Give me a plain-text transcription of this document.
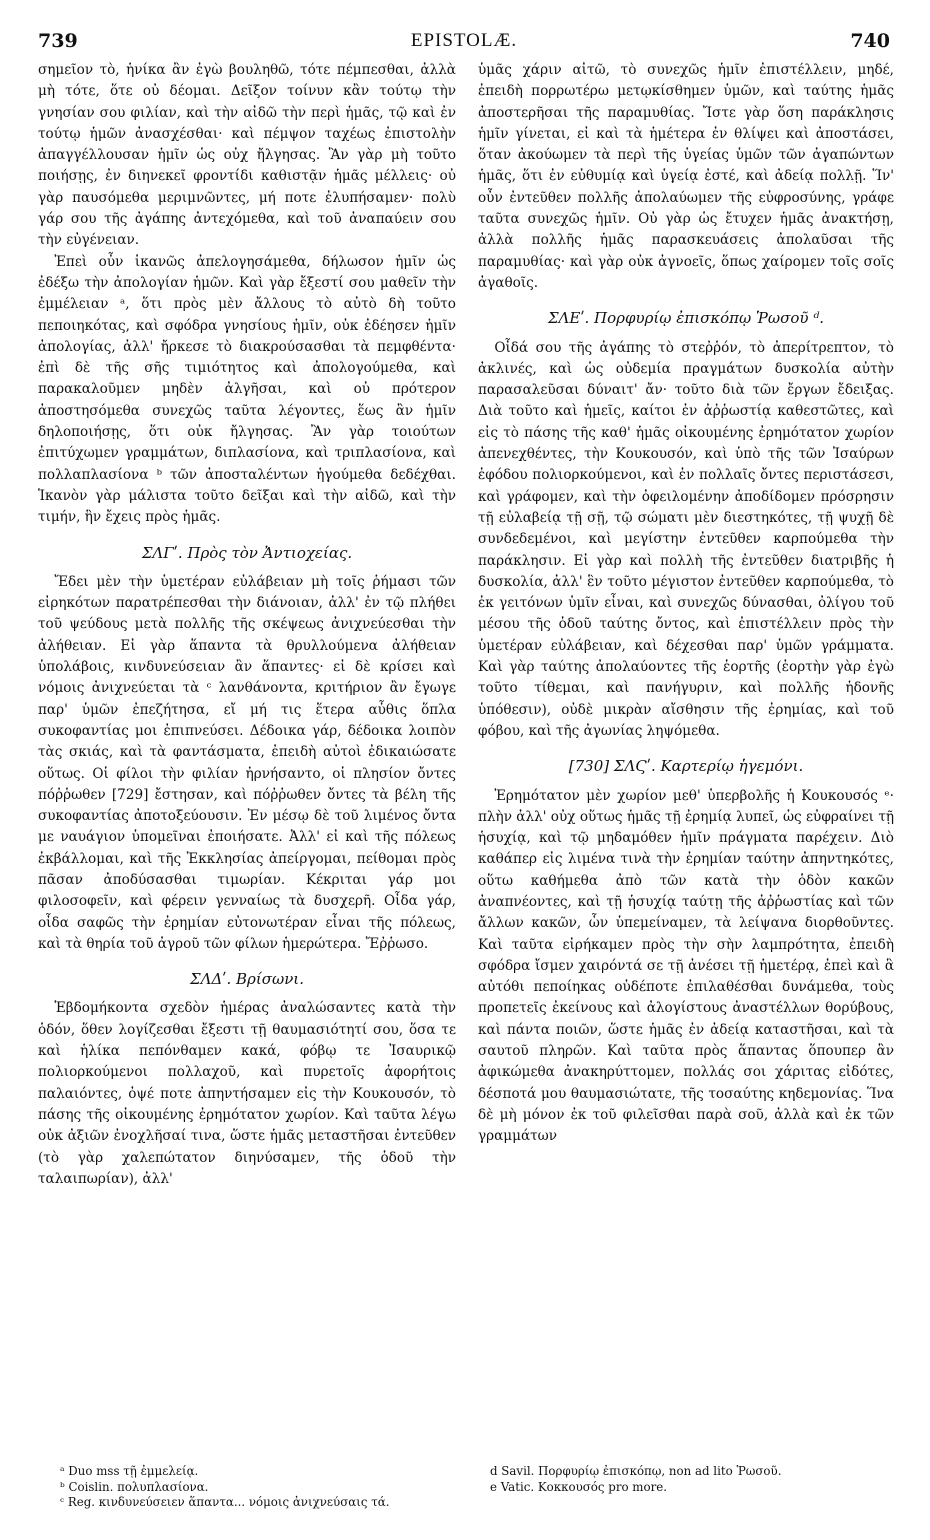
739	EPISTOLÆ.	740

σημεῖον τὸ, ἡνίκα ἂν ἐγὼ βουληθῶ, τότε πέμπεσθαι, ἀλλὰ μὴ τότε, ὅτε οὐ δέομαι. Δεῖξον τοίνυν κἂν τούτῳ τὴν γνησίαν σου φιλίαν, καὶ τὴν αἰδῶ τὴν περὶ ἡμᾶς, τῷ καὶ ἐν τούτῳ ἡμῶν ἀνασχέσθαι· καὶ πέμψον ταχέως ἐπιστολὴν ἀπαγγέλλουσαν ἡμῖν ὡς οὐχ ἤλγησας. Ἂν γὰρ μὴ τοῦτο ποιήσῃς, ἐν διηνεκεῖ φροντίδι καθιστᾷν ἡμᾶς μέλλεις· οὐ γὰρ παυσόμεθα μεριμνῶντες, μή ποτε ἐλυπήσαμεν· πολὺ γάρ σου τῆς ἀγάπης ἀντεχόμεθα, καὶ τοῦ ἀναπαύειν σου τὴν εὐγένειαν.

Ἐπεὶ οὖν ἱκανῶς ἀπελογησάμεθα, δήλωσον ἡμῖν ὡς ἐδέξω τὴν ἀπολογίαν ἡμῶν. Καὶ γὰρ ἔξεστί σου μαθεῖν τὴν ἐμμέλειαν ᵃ, ὅτι πρὸς μὲν ἄλλους τὸ αὐτὸ δὴ τοῦτο πεποιηκότας, καὶ σφόδρα γνησίους ἡμῖν, οὐκ ἐδέησεν ἡμῖν ἀπολογίας, ἀλλ' ἤρκεσε τὸ διακρούσασθαι τὰ πεμφθέντα· ἐπὶ δὲ τῆς σῆς τιμιότητος καὶ ἀπολογούμεθα, καὶ παρακαλοῦμεν μηδὲν ἀλγῆσαι, καὶ οὐ πρότερον ἀποστησόμεθα συνεχῶς ταῦτα λέγοντες, ἕως ἂν ἡμῖν δηλοποιήσῃς, ὅτι οὐκ ἤλγησας. Ἂν γὰρ τοιούτων ἐπιτύχωμεν γραμμάτων, διπλασίονα, καὶ τριπλασίονα, καὶ πολλαπλασίονα ᵇ τῶν ἀποσταλέντων ἡγούμεθα δεδέχθαι. Ἱκανὸν γὰρ μάλιστα τοῦτο δεῖξαι καὶ τὴν αἰδῶ, καὶ τὴν τιμήν, ἣν ἔχεις πρὸς ἡμᾶς.

ΣΛΓʹ. Πρὸς τὸν Ἀντιοχείας.

Ἔδει μὲν τὴν ὑμετέραν εὐλάβειαν μὴ τοῖς ῥήμασι τῶν εἰρηκότων παρατρέπεσθαι τὴν διάνοιαν, ἀλλ' ἐν τῷ πλήθει τοῦ ψεύδους μετὰ πολλῆς τῆς σκέψεως ἀνιχνεύεσθαι τὴν ἀλήθειαν. Εἰ γὰρ ἅπαντα τὰ θρυλλούμενα ἀλήθειαν ὑπολάβοις, κινδυνεύσειαν ἂν ἅπαντες· εἰ δὲ κρίσει καὶ νόμοις ἀνιχνεύεται τὰ ᶜ λανθάνοντα, κριτήριον ἂν ἔγωγε παρ' ὑμῶν ἐπεζήτησα, εἴ μή τις ἕτερα αὖθις ὅπλα συκοφαντίας μοι ἐπιπνεύσει. Δέδοικα γάρ, δέδοικα λοιπὸν τὰς σκιάς, καὶ τὰ φαντάσματα, ἐπειδὴ αὐτοὶ ἐδικαιώσατε οὕτως. Οἱ φίλοι τὴν φιλίαν ἠρνήσαντο, οἱ πλησίον ὄντες πόῤῥωθεν [729] ἔστησαν, καὶ πόῤῥωθεν ὄντες τὰ βέλη τῆς συκοφαντίας ἀποτοξεύουσιν. Ἐν μέσῳ δὲ τοῦ λιμένος ὄντα με ναυάγιον ὑπομεῖναι ἐποιήσατε. Ἀλλ' εἰ καὶ τῆς πόλεως ἐκβάλλομαι, καὶ τῆς Ἐκκλησίας ἀπείργομαι, πείθομαι πρὸς πᾶσαν ἀποδύσασθαι τιμωρίαν. Κέκριται γάρ μοι φιλοσοφεῖν, καὶ φέρειν γενναίως τὰ δυσχερῆ. Οἶδα γάρ, οἶδα σαφῶς τὴν ἐρημίαν εὐτονωτέραν εἶναι τῆς πόλεως, καὶ τὰ θηρία τοῦ ἀγροῦ τῶν φίλων ἡμερώτερα. Ἔῤῥωσο.

ΣΛΔʹ. Βρίσωνι.

Ἑβδομήκοντα σχεδὸν ἡμέρας ἀναλώσαντες κατὰ τὴν ὁδόν, ὅθεν λογίζεσθαι ἔξεστι τῇ θαυμασιότητί σου, ὅσα τε καὶ ἡλίκα πεπόνθαμεν κακά, φόβῳ τε Ἰσαυρικῷ πολιορκούμενοι πολλαχοῦ, καὶ πυρετοῖς ἀφορήτοις παλαιόντες, ὀψέ ποτε ἀπηντήσαμεν εἰς τὴν Κουκουσόν, τὸ πάσης τῆς οἰκουμένης ἐρημότατον χωρίον. Καὶ ταῦτα λέγω οὐκ ἀξιῶν ἐνοχλῆσαί τινα, ὥστε ἡμᾶς μεταστῆσαι ἐντεῦθεν (τὸ γὰρ χαλεπώτατον διηνύσαμεν, τῆς ὁδοῦ τὴν ταλαιπωρίαν), ἀλλ'

ὑμᾶς χάριν αἰτῶ, τὸ συνεχῶς ἡμῖν ἐπιστέλλειν, μηδέ, ἐπειδὴ πορρωτέρω μετῳκίσθημεν ὑμῶν, καὶ ταύτης ἡμᾶς ἀποστερῆσαι τῆς παραμυθίας. Ἴστε γὰρ ὅση παράκλησις ἡμῖν γίνεται, εἰ καὶ τὰ ἡμέτερα ἐν θλίψει καὶ ἀποστάσει, ὅταν ἀκούωμεν τὰ περὶ τῆς ὑγείας ὑμῶν τῶν ἀγαπώντων ἡμᾶς, ὅτι ἐν εὐθυμίᾳ καὶ ὑγείᾳ ἐστέ, καὶ ἀδείᾳ πολλῇ. Ἵν' οὖν ἐντεῦθεν πολλῆς ἀπολαύωμεν τῆς εὐφροσύνης, γράφε ταῦτα συνεχῶς ἡμῖν. Οὐ γὰρ ὡς ἔτυχεν ἡμᾶς ἀνακτήσῃ, ἀλλὰ πολλῆς ἡμᾶς παρασκευάσεις ἀπολαῦσαι τῆς παραμυθίας· καὶ γὰρ οὐκ ἀγνοεῖς, ὅπως χαίρομεν τοῖς σοῖς ἀγαθοῖς.

ΣΛΕʹ. Πορφυρίῳ ἐπισκόπῳ Ῥωσοῦ ᵈ.

Οἶδά σου τῆς ἀγάπης τὸ στεῤῥόν, τὸ ἀπερίτρεπτον, τὸ ἀκλινές, καὶ ὡς οὐδεμία πραγμάτων δυσκολία αὐτὴν παρασαλεῦσαι δύναιτ' ἄν· τοῦτο διὰ τῶν ἔργων ἔδειξας. Διὰ τοῦτο καὶ ἡμεῖς, καίτοι ἐν ἀῤῥωστίᾳ καθεστῶτες, καὶ εἰς τὸ πάσης τῆς καθ' ἡμᾶς οἰκουμένης ἐρημότατον χωρίον ἀπενεχθέντες, τὴν Κουκουσόν, καὶ ὑπὸ τῆς τῶν Ἰσαύρων ἐφόδου πολιορκούμενοι, καὶ ἐν πολλαῖς ὄντες περιστάσεσι, καὶ γράφομεν, καὶ τὴν ὀφειλομένην ἀποδίδομεν πρόσρησιν τῇ εὐλαβείᾳ τῇ σῇ, τῷ σώματι μὲν διεστηκότες, τῇ ψυχῇ δὲ συνδεδεμένοι, καὶ μεγίστην ἐντεῦθεν καρπούμεθα τὴν παράκλησιν. Εἰ γὰρ καὶ πολλὴ τῆς ἐντεῦθεν διατριβῆς ἡ δυσκολία, ἀλλ' ἓν τοῦτο μέγιστον ἐντεῦθεν καρπούμεθα, τὸ ἐκ γειτόνων ὑμῖν εἶναι, καὶ συνεχῶς δύνασθαι, ὀλίγου τοῦ μέσου τῆς ὁδοῦ ταύτης ὄντος, καὶ ἐπιστέλλειν πρὸς τὴν ὑμετέραν εὐλάβειαν, καὶ δέχεσθαι παρ' ὑμῶν γράμματα. Καὶ γὰρ ταύτης ἀπολαύοντες τῆς ἑορτῆς (ἑορτὴν γὰρ ἐγὼ τοῦτο τίθεμαι, καὶ πανήγυριν, καὶ πολλῆς ἡδονῆς ὑπόθεσιν), οὐδὲ μικρὰν αἴσθησιν τῆς ἐρημίας, καὶ τοῦ φόβου, καὶ τῆς ἀγωνίας ληψόμεθα.

[730] ΣΛϚʹ. Καρτερίῳ ἡγεμόνι.

Ἐρημότατον μὲν χωρίον μεθ' ὑπερβολῆς ἡ Κουκουσός ᵉ· πλὴν ἀλλ' οὐχ οὕτως ἡμᾶς τῇ ἐρημίᾳ λυπεῖ, ὡς εὐφραίνει τῇ ἡσυχίᾳ, καὶ τῷ μηδαμόθεν ἡμῖν πράγματα παρέχειν. Διὸ καθάπερ εἰς λιμένα τινὰ τὴν ἐρημίαν ταύτην ἀπηντηκότες, οὕτω καθήμεθα ἀπὸ τῶν κατὰ τὴν ὁδὸν κακῶν ἀναπνέοντες, καὶ τῇ ἡσυχίᾳ ταύτῃ τῆς ἀῤῥωστίας καὶ τῶν ἄλλων κακῶν, ὧν ὑπεμείναμεν, τὰ λείψανα διορθοῦντες. Καὶ ταῦτα εἰρήκαμεν πρὸς τὴν σὴν λαμπρότητα, ἐπειδὴ σφόδρα ἴσμεν χαιρόντά σε τῇ ἀνέσει τῇ ἡμετέρᾳ, ἐπεὶ καὶ ἃ αὐτόθι πεποίηκας οὐδέποτε ἐπιλαθέσθαι δυνάμεθα, τοὺς προπετεῖς ἐκείνους καὶ ἀλογίστους ἀναστέλλων θορύβους, καὶ πάντα ποιῶν, ὥστε ἡμᾶς ἐν ἀδείᾳ καταστῆσαι, καὶ τὰ σαυτοῦ πληρῶν. Καὶ ταῦτα πρὸς ἅπαντας ὅπουπερ ἂν ἀφικώμεθα ἀνακηρύττομεν, πολλάς σοι χάριτας εἰδότες, δέσποτά μου θαυμασιώτατε, τῆς τοσαύτης κηδεμονίας. Ἵνα δὲ μὴ μόνον ἐκ τοῦ φιλεῖσθαι παρὰ σοῦ, ἀλλὰ καὶ ἐκ τῶν γραμμάτων

ᵃ Duo mss τῇ ἐμμελείᾳ.
ᵇ Coislin. πολυπλασίονα.
ᶜ Reg. κινδυνεύσειεν ἅπαντα... νόμοις ἀνιχνεύσαις τά.
d Savil. Πορφυρίῳ ἐπισκόπῳ, non ad lito Ῥωσοῦ.
e Vatic. Κοκκουσός pro more.
